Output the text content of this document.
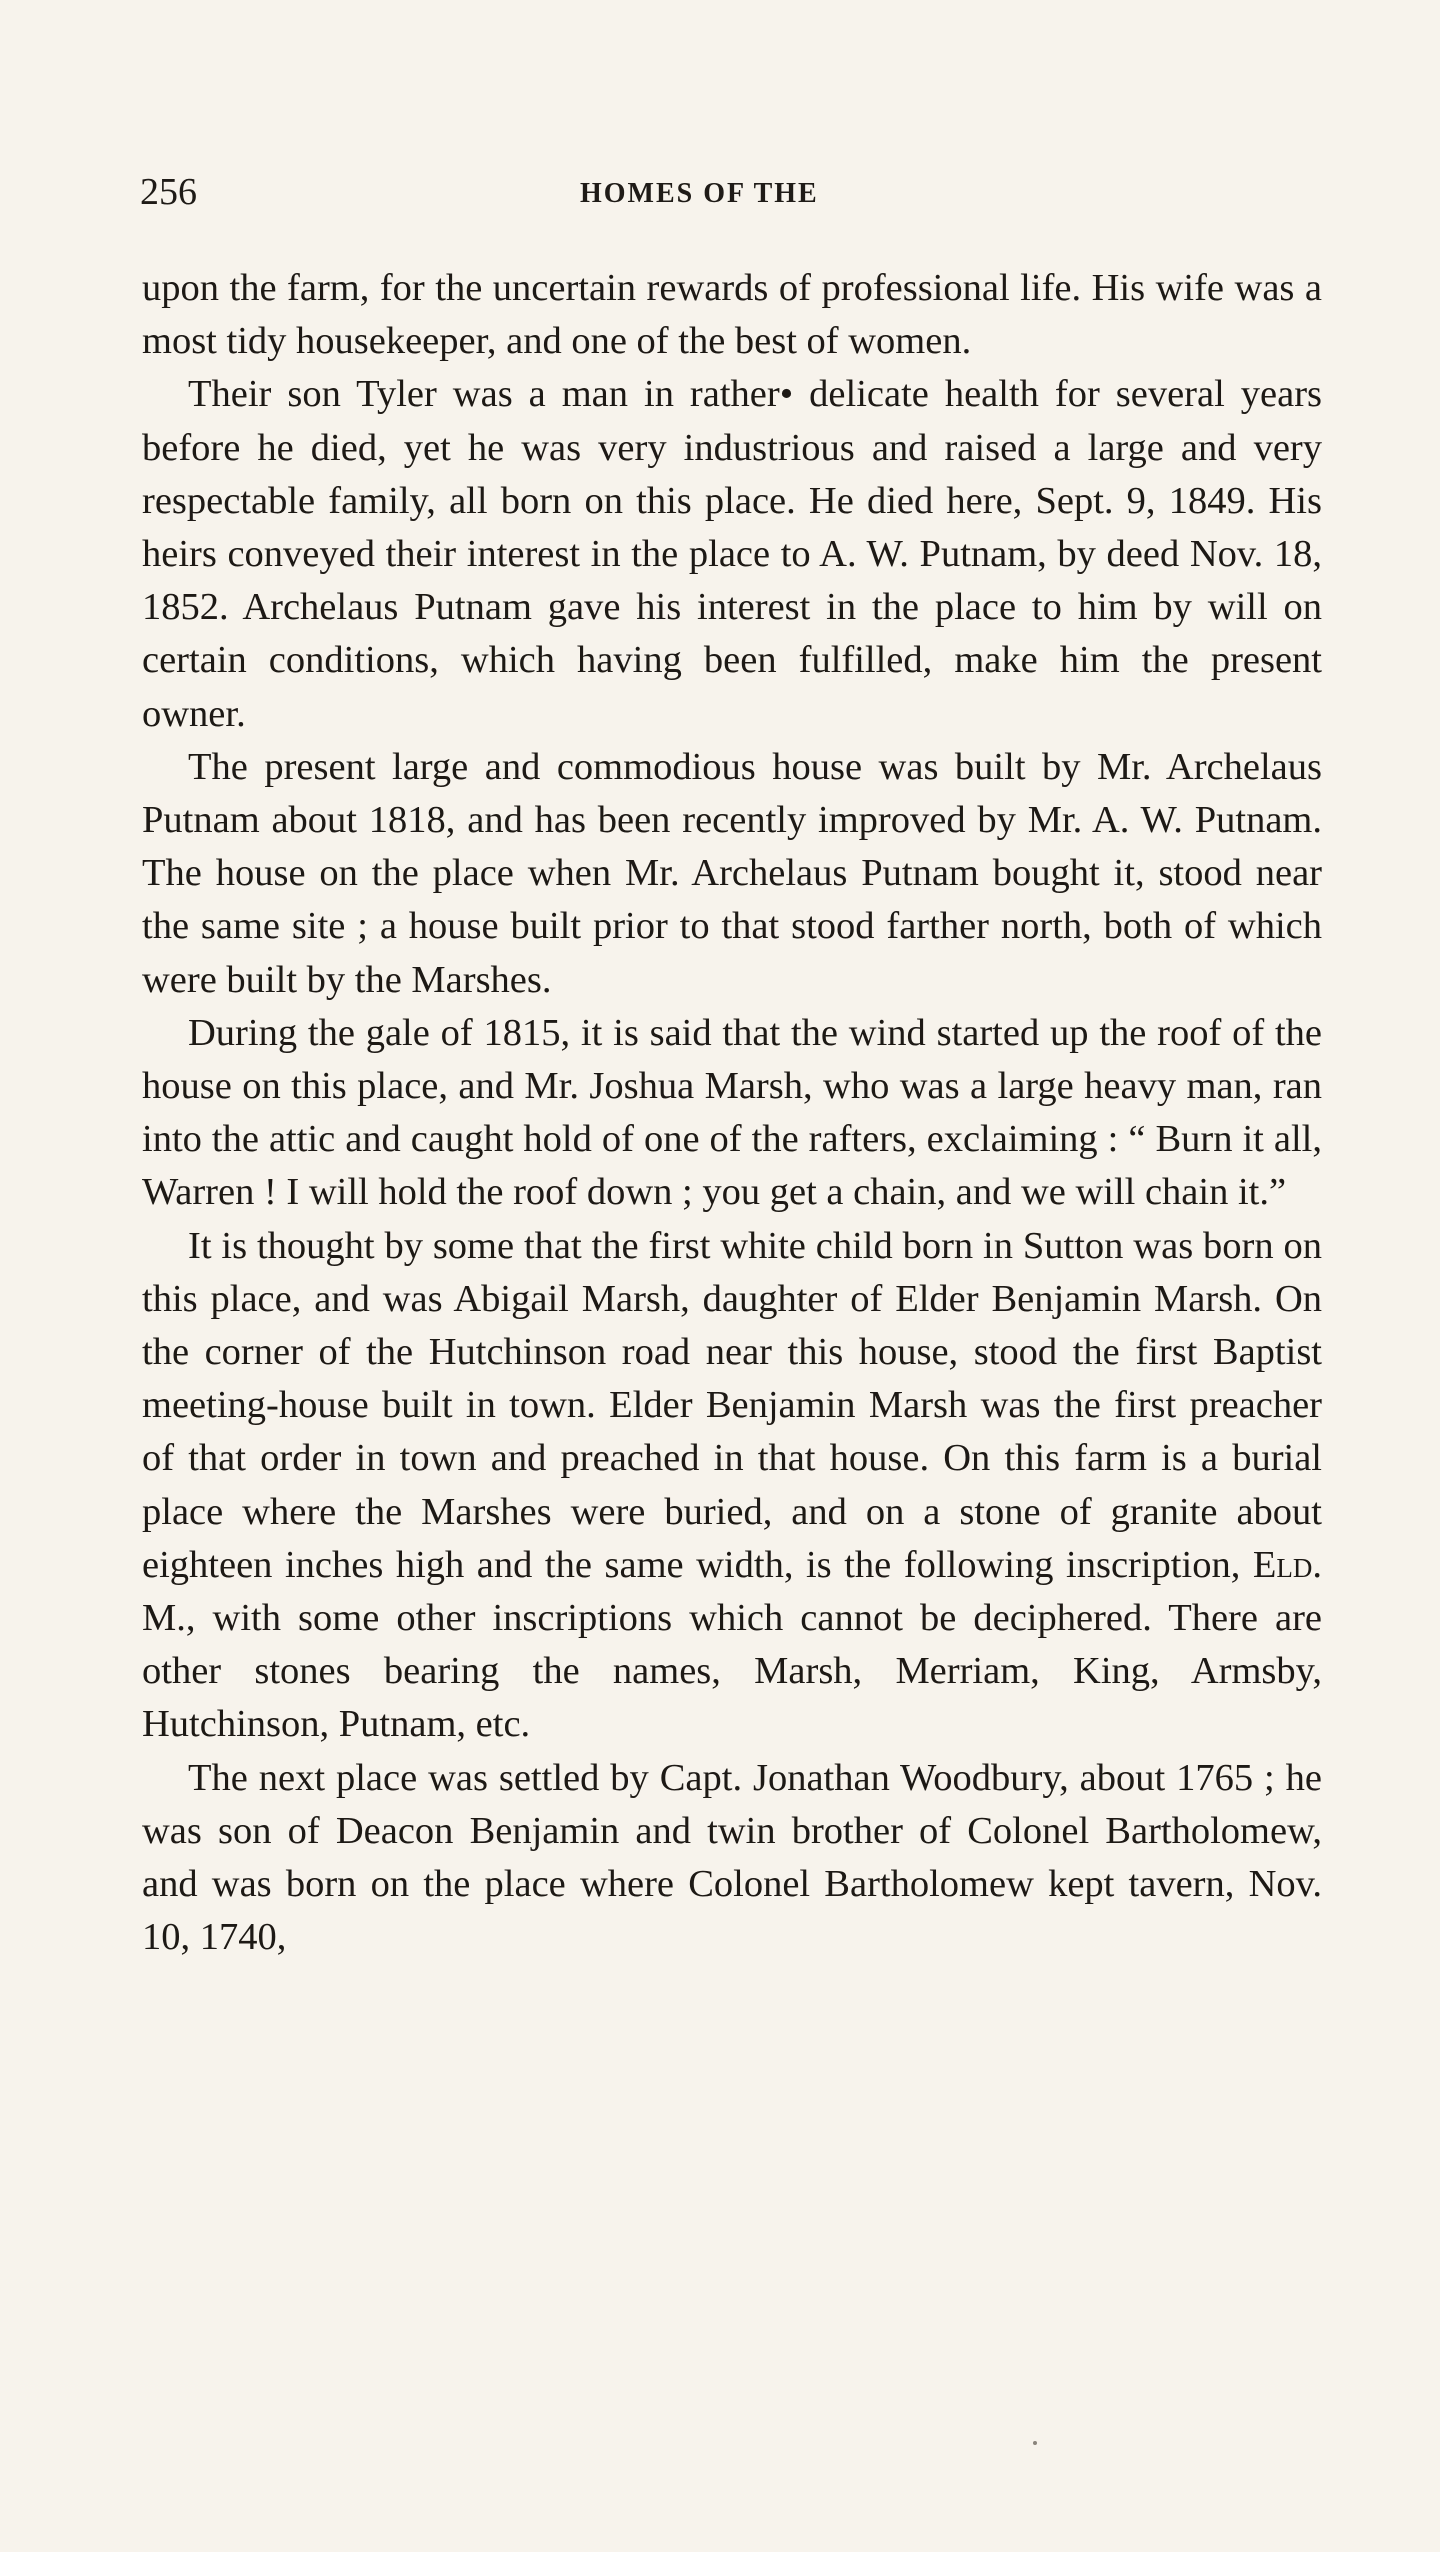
256	HOMES OF THE

upon the farm, for the uncertain rewards of professional life. His wife was a most tidy housekeeper, and one of the best of women.

Their son Tyler was a man in rather• delicate health for several years before he died, yet he was very industrious and raised a large and very respectable family, all born on this place. He died here, Sept. 9, 1849. His heirs conveyed their interest in the place to A. W. Putnam, by deed Nov. 18, 1852. Archelaus Putnam gave his interest in the place to him by will on certain conditions, which having been fulfilled, make him the present owner.

The present large and commodious house was built by Mr. Archelaus Putnam about 1818, and has been recently improved by Mr. A. W. Putnam. The house on the place when Mr. Archelaus Putnam bought it, stood near the same site ; a house built prior to that stood farther north, both of which were built by the Marshes.

During the gale of 1815, it is said that the wind started up the roof of the house on this place, and Mr. Joshua Marsh, who was a large heavy man, ran into the attic and caught hold of one of the rafters, exclaiming : “ Burn it all, Warren ! I will hold the roof down ; you get a chain, and we will chain it.”

It is thought by some that the first white child born in Sutton was born on this place, and was Abigail Marsh, daughter of Elder Benjamin Marsh. On the corner of the Hutchinson road near this house, stood the first Baptist meeting-house built in town. Elder Benjamin Marsh was the first preacher of that order in town and preached in that house. On this farm is a burial place where the Marshes were buried, and on a stone of granite about eighteen inches high and the same width, is the following inscription, Eld. M., with some other inscriptions which cannot be deciphered. There are other stones bearing the names, Marsh, Merriam, King, Armsby, Hutchinson, Putnam, etc.

The next place was settled by Capt. Jonathan Woodbury, about 1765 ; he was son of Deacon Benjamin and twin brother of Colonel Bartholomew, and was born on the place where Colonel Bartholomew kept tavern, Nov. 10, 1740,
